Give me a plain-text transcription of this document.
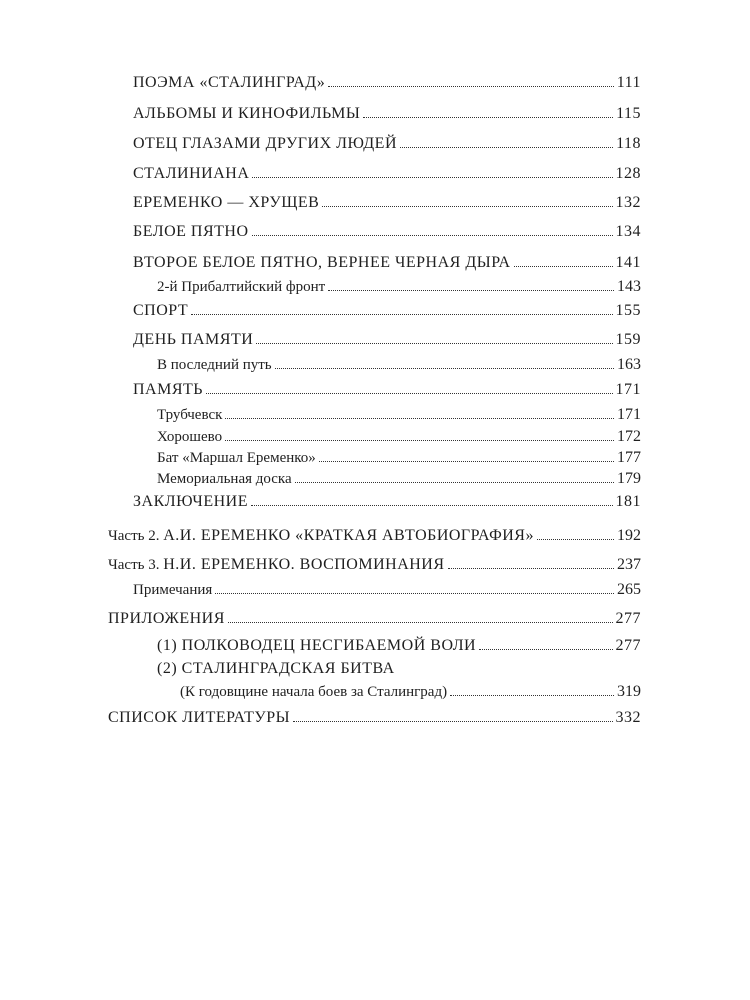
ПОЭМА «СТАЛИНГРАД»	111
АЛЬБОМЫ И КИНОФИЛЬМЫ	115
ОТЕЦ ГЛАЗАМИ ДРУГИХ ЛЮДЕЙ	118
СТАЛИНИАНА	128
ЕРЕМЕНКО — ХРУЩЕВ	132
БЕЛОЕ ПЯТНО	134
ВТОРОЕ БЕЛОЕ ПЯТНО, ВЕРНЕЕ ЧЕРНАЯ ДЫРА	141
2-й Прибалтийский фронт	143
СПОРТ	155
ДЕНЬ ПАМЯТИ	159
В последний путь	163
ПАМЯТЬ	171
Трубчевск	171
Хорошево	172
Бат «Маршал Еременко»	177
Мемориальная доска	179
ЗАКЛЮЧЕНИЕ	181
Часть 2. А.И. ЕРЕМЕНКО «КРАТКАЯ АВТОБИОГРАФИЯ»	192
Часть 3. Н.И. ЕРЕМЕНКО. ВОСПОМИНАНИЯ	237
Примечания	265
ПРИЛОЖЕНИЯ	277
(1) ПОЛКОВОДЕЦ НЕСГИБАЕМОЙ ВОЛИ	277
(2) СТАЛИНГРАДСКАЯ БИТВА
(К годовщине начала боев за Сталинград)	319
СПИСОК ЛИТЕРАТУРЫ	332
